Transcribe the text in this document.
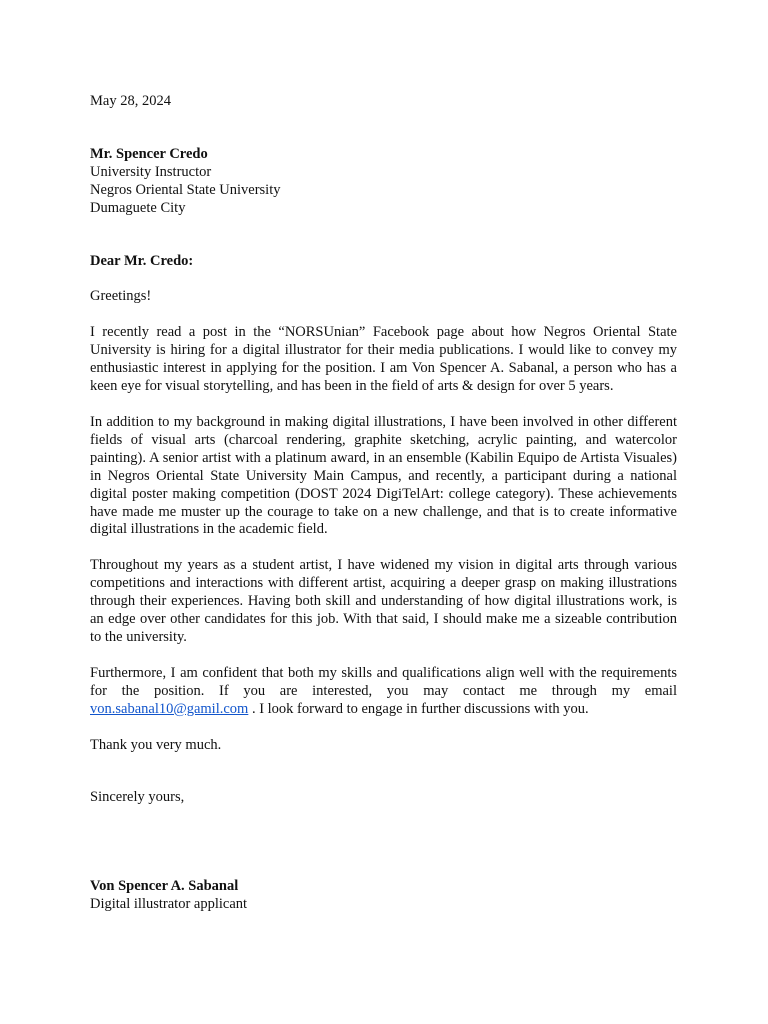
May 28, 2024
Mr. Spencer Credo
University Instructor
Negros Oriental State University
Dumaguete City
Dear Mr. Credo:
Greetings!

I recently read a post in the “NORSUnian” Facebook page about how Negros Oriental State University is hiring for a digital illustrator for their media publications. I would like to convey my enthusiastic interest in applying for the position. I am Von Spencer A. Sabanal, a person who has a keen eye for visual storytelling, and has been in the field of arts & design for over 5 years.

In addition to my background in making digital illustrations, I have been involved in other different fields of visual arts (charcoal rendering, graphite sketching, acrylic painting, and watercolor painting). A senior artist with a platinum award, in an ensemble (Kabilin Equipo de Artista Visuales) in Negros Oriental State University Main Campus, and recently, a participant during a national digital poster making competition (DOST 2024 DigiTelArt: college category). These achievements have made me muster up the courage to take on a new challenge, and that is to create informative digital illustrations in the academic field.

Throughout my years as a student artist, I have widened my vision in digital arts through various competitions and interactions with different artist, acquiring a deeper grasp on making illustrations through their experiences. Having both skill and understanding of how digital illustrations work, is an edge over other candidates for this job. With that said, I should make me a sizeable contribution to the university.

Furthermore, I am confident that both my skills and qualifications align well with the requirements for the position. If you are interested, you may contact me through my email von.sabanal10@gamil.com . I look forward to engage in further discussions with you.

Thank you very much.
Sincerely yours,
Von Spencer A. Sabanal
Digital illustrator applicant
